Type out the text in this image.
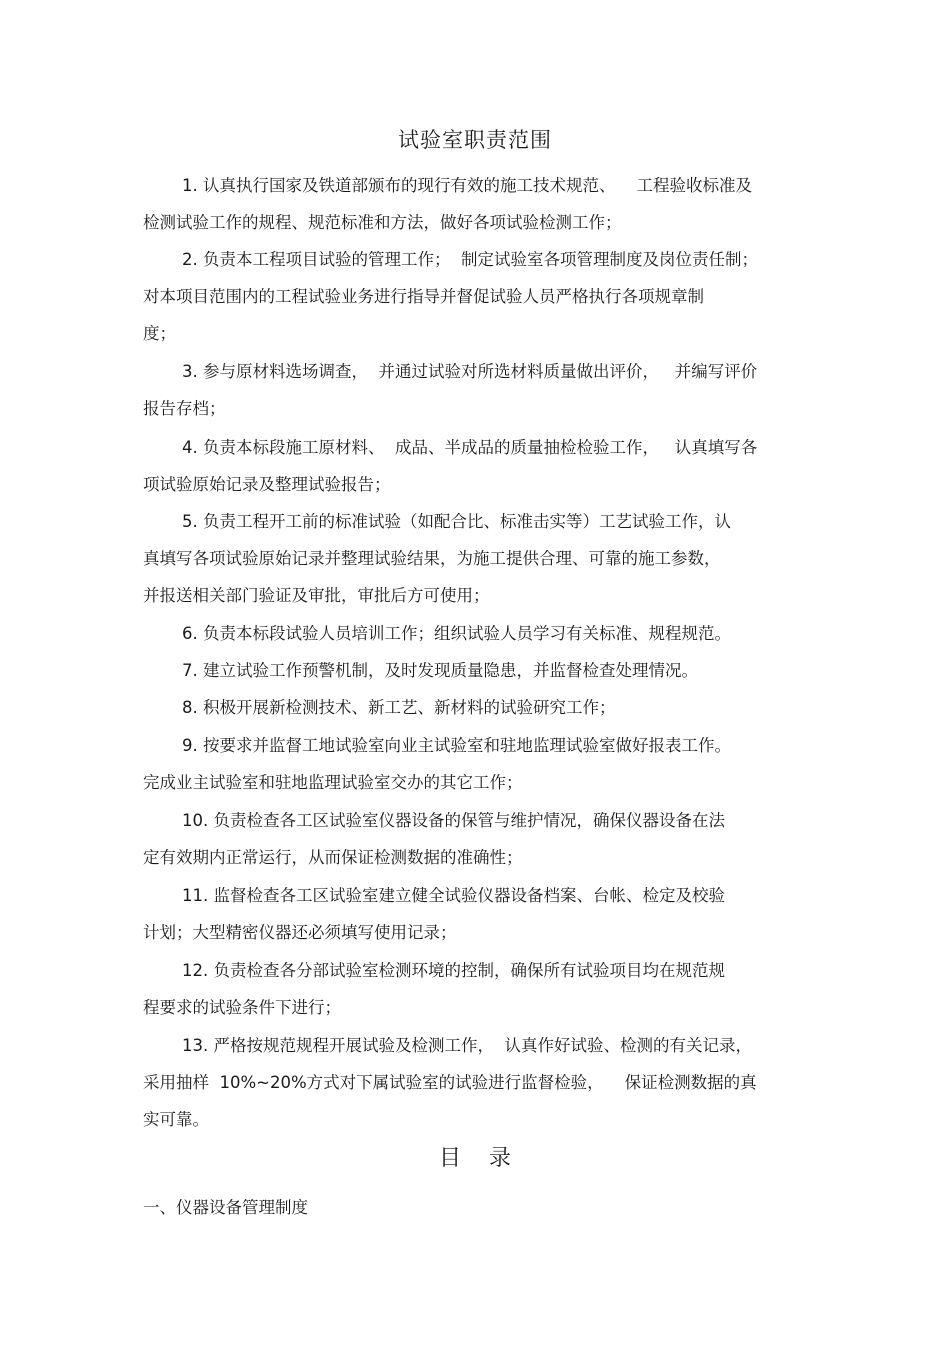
试验室职责范围
1. 认真执行国家及铁道部颁布的现行有效的施工技术规范、    工程验收标准及
检测试验工作的规程、规范标准和方法，做好各项试验检测工作；
2. 负责本工程项目试验的管理工作；  制定试验室各项管理制度及岗位责任制；
对本项目范围内的工程试验业务进行指导并督促试验人员严格执行各项规章制
度；
3. 参与原材料选场调查，  并通过试验对所选材料质量做出评价，   并编写评价
报告存档；
4. 负责本标段施工原材料、  成品、半成品的质量抽检检验工作，   认真填写各
项试验原始记录及整理试验报告；
5. 负责工程开工前的标准试验（如配合比、标准击实等）工艺试验工作，认
真填写各项试验原始记录并整理试验结果，为施工提供合理、可靠的施工参数，
并报送相关部门验证及审批，审批后方可使用；
6. 负责本标段试验人员培训工作；组织试验人员学习有关标准、规程规范。
7. 建立试验工作预警机制，及时发现质量隐患，并监督检查处理情况。
8. 积极开展新检测技术、新工艺、新材料的试验研究工作；
9. 按要求并监督工地试验室向业主试验室和驻地监理试验室做好报表工作。
完成业主试验室和驻地监理试验室交办的其它工作；
10. 负责检查各工区试验室仪器设备的保管与维护情况，确保仪器设备在法
定有效期内正常运行，从而保证检测数据的准确性；
11. 监督检查各工区试验室建立健全试验仪器设备档案、台帐、检定及校验
计划；大型精密仪器还必须填写使用记录；
12. 负责检查各分部试验室检测环境的控制，确保所有试验项目均在规范规
程要求的试验条件下进行；
13. 严格按规范规程开展试验及检测工作，  认真作好试验、检测的有关记录，
采用抽样  10%~20%方式对下属试验室的试验进行监督检验，    保证检测数据的真
实可靠。
目    录
一、仪器设备管理制度
